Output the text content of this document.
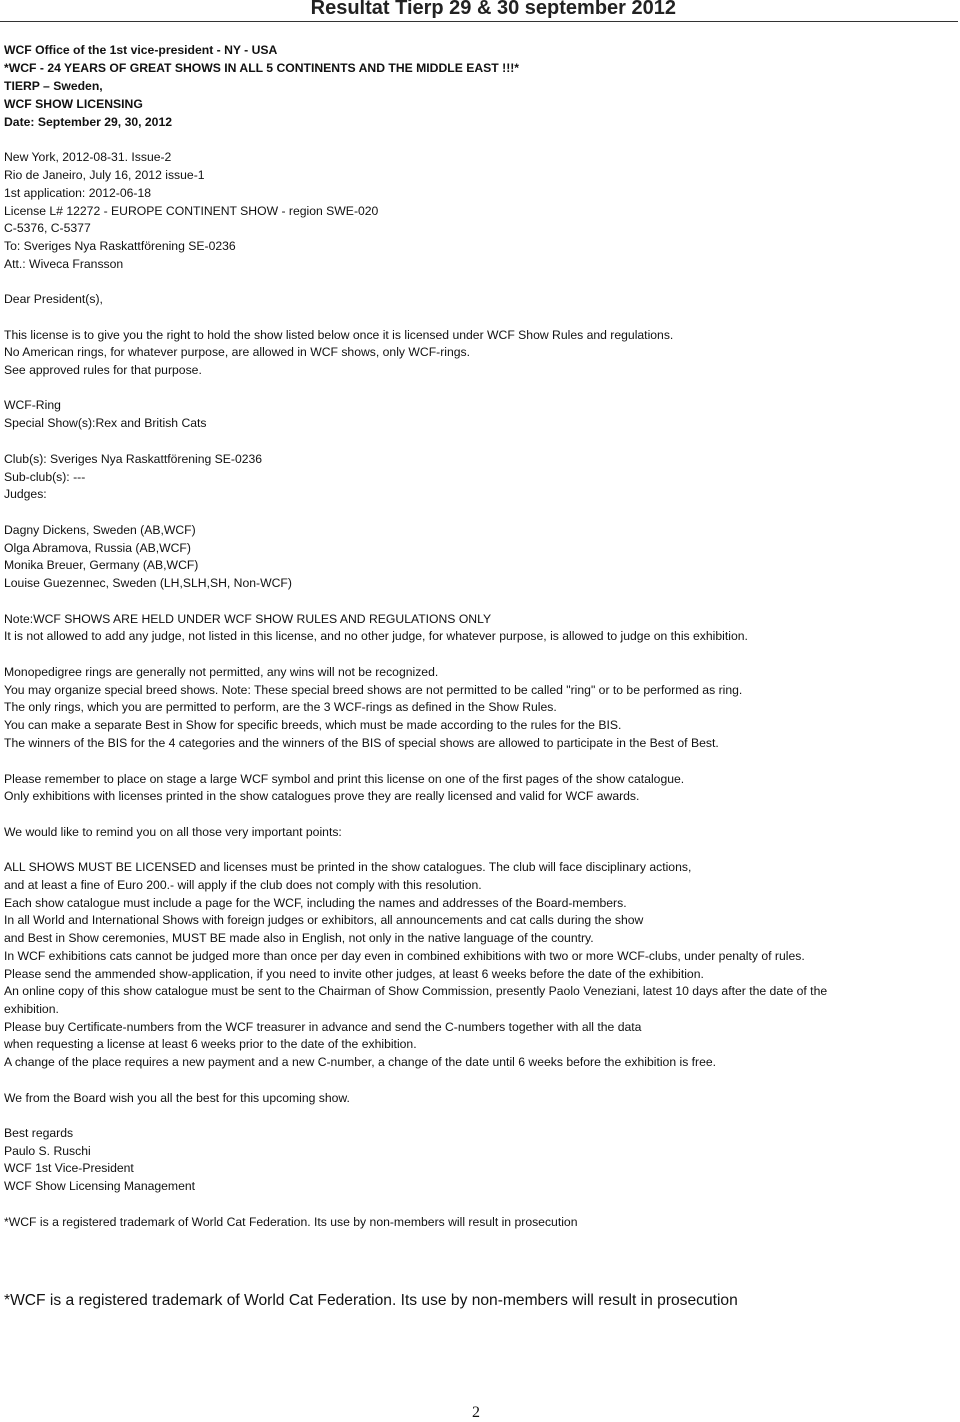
Resultat Tierp 29 & 30 september 2012
WCF Office of the 1st vice-president - NY - USA
*WCF - 24 YEARS OF GREAT SHOWS IN ALL 5 CONTINENTS AND THE MIDDLE EAST !!!*
TIERP – Sweden,
WCF SHOW LICENSING
Date: September 29, 30, 2012
New York, 2012-08-31. Issue-2
Rio de Janeiro, July 16, 2012 issue-1
1st application: 2012-06-18
License L# 12272 - EUROPE CONTINENT SHOW - region SWE-020
C-5376, C-5377
To: Sveriges Nya Raskattförening SE-0236
Att.: Wiveca Fransson
Dear President(s),
This license is to give you the right to hold the show listed below once it is licensed under WCF Show Rules and regulations.
No American rings, for whatever purpose, are allowed in WCF shows, only WCF-rings.
See approved rules for that purpose.
WCF-Ring
Special Show(s):Rex and British Cats
Club(s): Sveriges Nya Raskattförening SE-0236
Sub-club(s): ---
Judges:
Dagny Dickens, Sweden (AB,WCF)
Olga Abramova, Russia (AB,WCF)
Monika Breuer, Germany (AB,WCF)
Louise Guezennec, Sweden (LH,SLH,SH, Non-WCF)
Note:WCF SHOWS ARE HELD UNDER WCF SHOW RULES AND REGULATIONS ONLY
It is not allowed to add any judge, not listed in this license, and no other judge, for whatever purpose, is allowed to judge on this exhibition.
Monopedigree rings are generally not permitted, any wins will not be recognized.
You may organize special breed shows. Note: These special breed shows are not permitted to be called "ring" or to be performed as ring.
The only rings, which you are permitted to perform, are the 3 WCF-rings as defined in the Show Rules.
You can make a separate Best in Show for specific breeds, which must be made according to the rules for the BIS.
The winners of the BIS for the 4 categories and the winners of the BIS of special shows are allowed to participate in the Best of Best.
Please remember to place on stage a large WCF symbol and print this license on one of the first pages of the show catalogue.
Only exhibitions with licenses printed in the show catalogues prove they are really licensed and valid for WCF awards.
We would like to remind you on all those very important points:
ALL SHOWS MUST BE LICENSED and licenses must be printed in the show catalogues. The club will face disciplinary actions,
and at least a fine of Euro 200.- will apply if the club does not comply with this resolution.
Each show catalogue must include a page for the WCF, including the names and addresses of the Board-members.
In all World and International Shows with foreign judges or exhibitors, all announcements and cat calls during the show
and Best in Show ceremonies, MUST BE made also in English, not only in the native language of the country.
In WCF exhibitions cats cannot be judged more than once per day even in combined exhibitions with two or more WCF-clubs, under penalty of rules.
Please send the ammended show-application, if you need to invite other judges, at least 6 weeks before the date of the exhibition.
An online copy of this show catalogue must be sent to the Chairman of Show Commission, presently Paolo Veneziani, latest 10 days after the date of the
exhibition.
Please buy Certificate-numbers from the WCF treasurer in advance and send the C-numbers together with all the data
when requesting a license at least 6 weeks prior to the date of the exhibition.
A change of the place requires a new payment and a new C-number, a change of the date until 6 weeks before the exhibition is free.
We from the Board wish you all the best for this upcoming show.
Best regards
Paulo S. Ruschi
WCF 1st Vice-President
WCF Show Licensing Management
*WCF is a registered trademark of World Cat Federation. Its use by non-members will result in prosecution
*WCF is a registered trademark of World Cat Federation. Its use by non-members will result in prosecution
2
